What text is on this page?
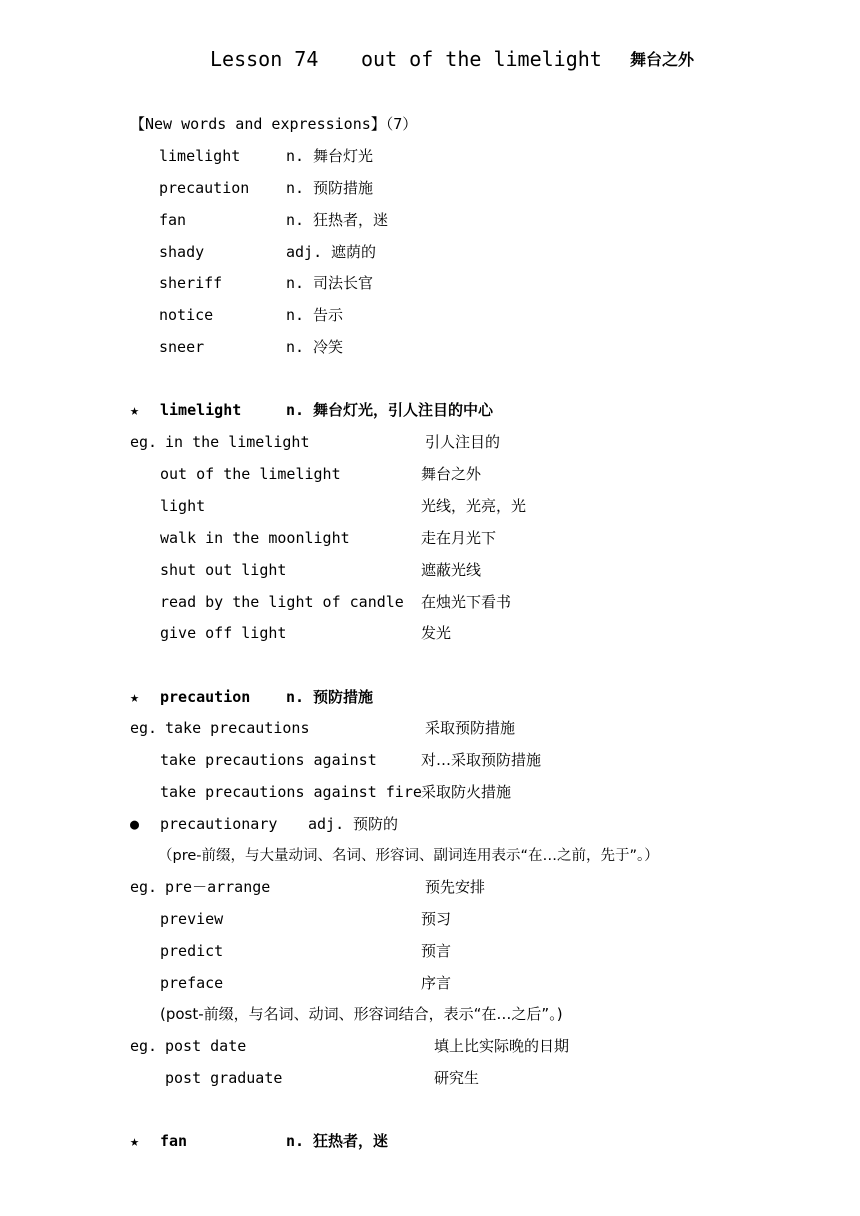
Lesson 74 out of the limelight 舞台之外
【New words and expressions】（7）
limelight	n. 舞台灯光
precaution n. 预防措施
fan	n. 狂热者，迷
shady	adj. 遮荫的
sheriff	n. 司法长官
notice	n. 告示
sneer	n. 冷笑
★ limelight	n. 舞台灯光，引人注目的中心
eg. in the limelight	引人注目的
out of the limelight	舞台之外
light	光线，光亮，光
walk in the moonlight	走在月光下
shut out light	遮蔽光线
read by the light of candle 在烛光下看书
give off light	发光
★ precaution n. 预防措施
eg. take precautions	采取预防措施
take precautions against	对…采取预防措施
take precautions against fire 采取防火措施
● precautionary adj. 预防的
（pre-前缀，与大量动词、名词、形容词、副词连用表示“在…之前，先于”。）
eg. pre－arrange	预先安排
preview	预习
predict	预言
preface	序言
(post-前缀，与名词、动词、形容词结合，表示“在…之后”。)
eg. post date	填上比实际晚的日期
post graduate	研究生
★ fan	n. 狂热者，迷
